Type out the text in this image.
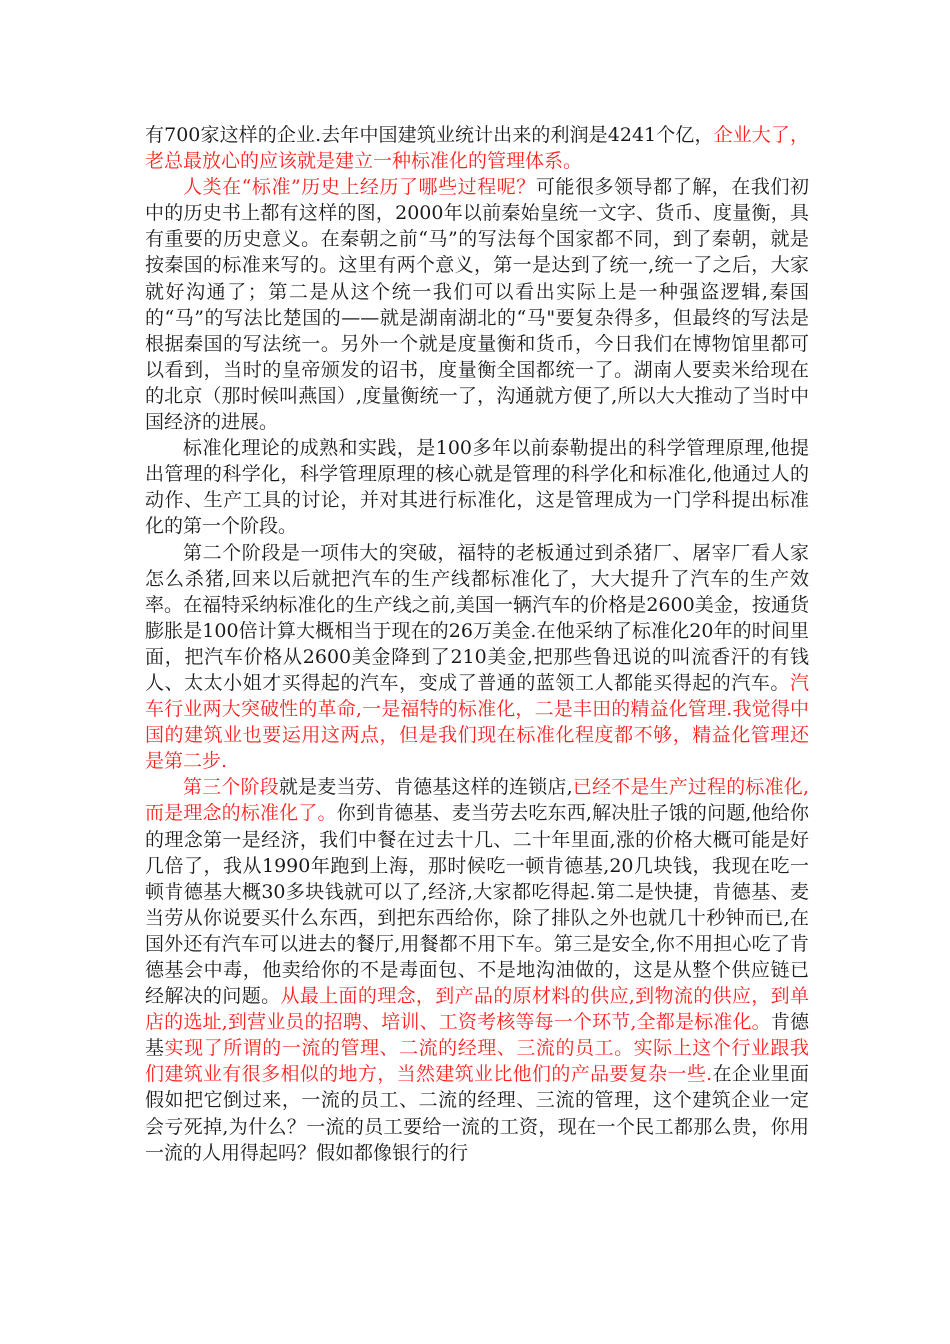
有700家这样的企业.去年中国建筑业统计出来的利润是4241个亿，企业大了，老总最放心的应该就是建立一种标准化的管理体系。

人类在“标准”历史上经历了哪些过程呢？可能很多领导都了解，在我们初中的历史书上都有这样的图，2000年以前秦始皇统一文字、货币、度量衡，具有重要的历史意义。在秦朝之前“马”的写法每个国家都不同，到了秦朝，就是按秦国的标准来写的。这里有两个意义，第一是达到了统一,统一了之后，大家就好沟通了；第二是从这个统一我们可以看出实际上是一种强盗逻辑,秦国的“马”的写法比楚国的——就是湖南湖北的“马"要复杂得多，但最终的写法是根据秦国的写法统一。另外一个就是度量衡和货币，今日我们在博物馆里都可以看到，当时的皇帝颁发的诏书，度量衡全国都统一了。湖南人要卖米给现在的北京（那时候叫燕国）,度量衡统一了，沟通就方便了,所以大大推动了当时中国经济的进展。

标准化理论的成熟和实践，是100多年以前泰勒提出的科学管理原理,他提出管理的科学化，科学管理原理的核心就是管理的科学化和标准化,他通过人的动作、生产工具的讨论，并对其进行标准化，这是管理成为一门学科提出标准化的第一个阶段。

第二个阶段是一项伟大的突破，福特的老板通过到杀猪厂、屠宰厂看人家怎么杀猪,回来以后就把汽车的生产线都标准化了，大大提升了汽车的生产效率。在福特采纳标准化的生产线之前,美国一辆汽车的价格是2600美金，按通货膨胀是100倍计算大概相当于现在的26万美金.在他采纳了标准化20年的时间里面，把汽车价格从2600美金降到了210美金,把那些鲁迅说的叫流香汗的有钱人、太太小姐才买得起的汽车，变成了普通的蓝领工人都能买得起的汽车。汽车行业两大突破性的革命,一是福特的标准化，二是丰田的精益化管理.我觉得中国的建筑业也要运用这两点，但是我们现在标准化程度都不够，精益化管理还是第二步.

第三个阶段就是麦当劳、肯德基这样的连锁店,已经不是生产过程的标准化,而是理念的标准化了。你到肯德基、麦当劳去吃东西,解决肚子饿的问题,他给你的理念第一是经济，我们中餐在过去十几、二十年里面,涨的价格大概可能是好几倍了，我从1990年跑到上海，那时候吃一顿肯德基,20几块钱，我现在吃一顿肯德基大概30多块钱就可以了,经济,大家都吃得起.第二是快捷，肯德基、麦当劳从你说要买什么东西，到把东西给你，除了排队之外也就几十秒钟而已,在国外还有汽车可以进去的餐厅,用餐都不用下车。第三是安全,你不用担心吃了肯德基会中毒，他卖给你的不是毒面包、不是地沟油做的，这是从整个供应链已经解决的问题。从最上面的理念，到产品的原材料的供应,到物流的供应，到单店的选址,到营业员的招聘、培训、工资考核等每一个环节,全都是标准化。肯德基实现了所谓的一流的管理、二流的经理、三流的员工。实际上这个行业跟我们建筑业有很多相似的地方，当然建筑业比他们的产品要复杂一些.在企业里面假如把它倒过来，一流的员工、二流的经理、三流的管理，这个建筑企业一定会亏死掉,为什么？一流的员工要给一流的工资，现在一个民工都那么贵，你用一流的人用得起吗？假如都像银行的行
